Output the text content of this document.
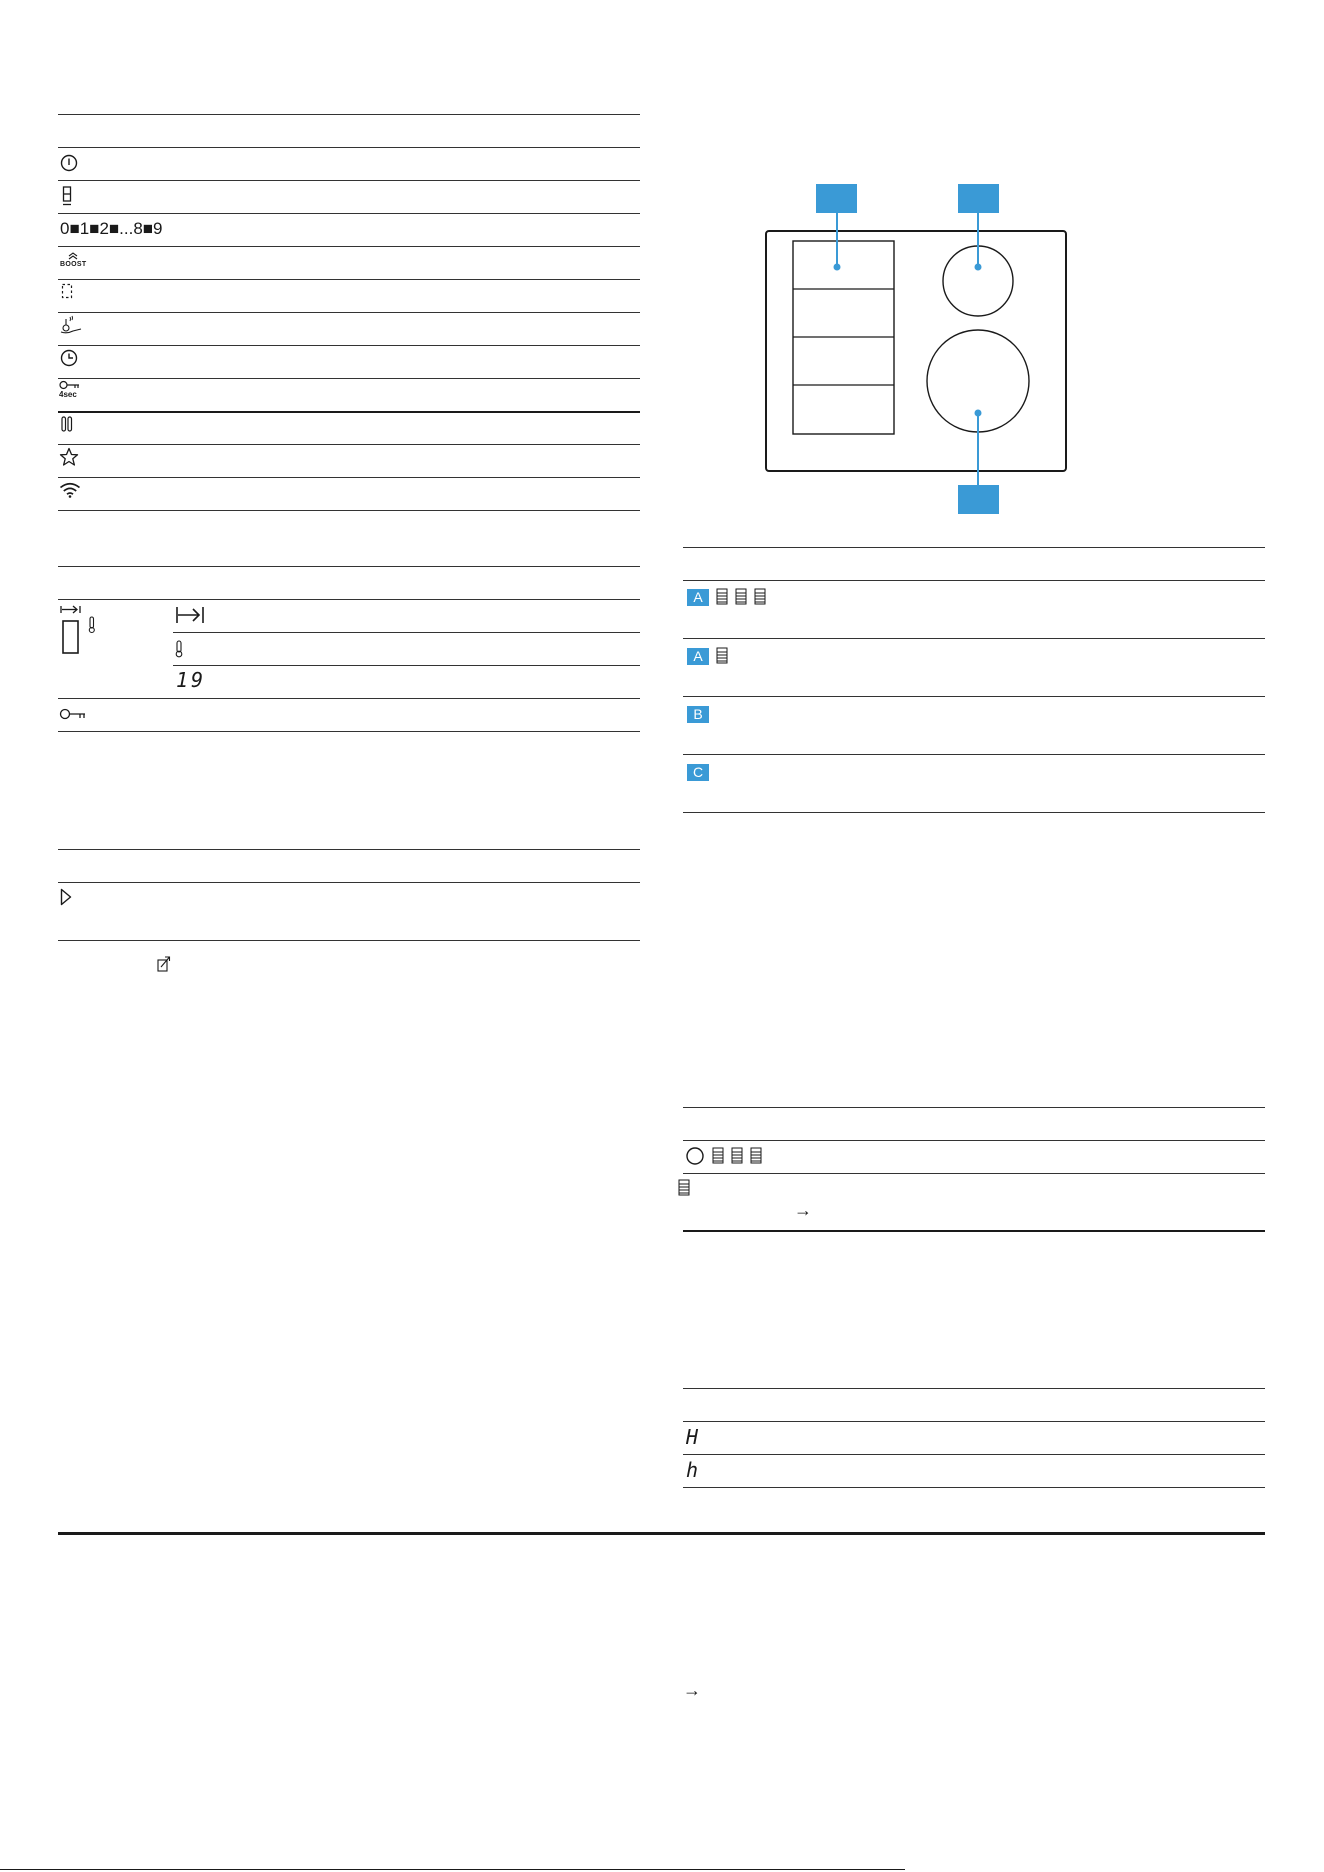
0■1■2■...8■9
BOOST
4sec
19
A
A
B
C
→
H
h
→
